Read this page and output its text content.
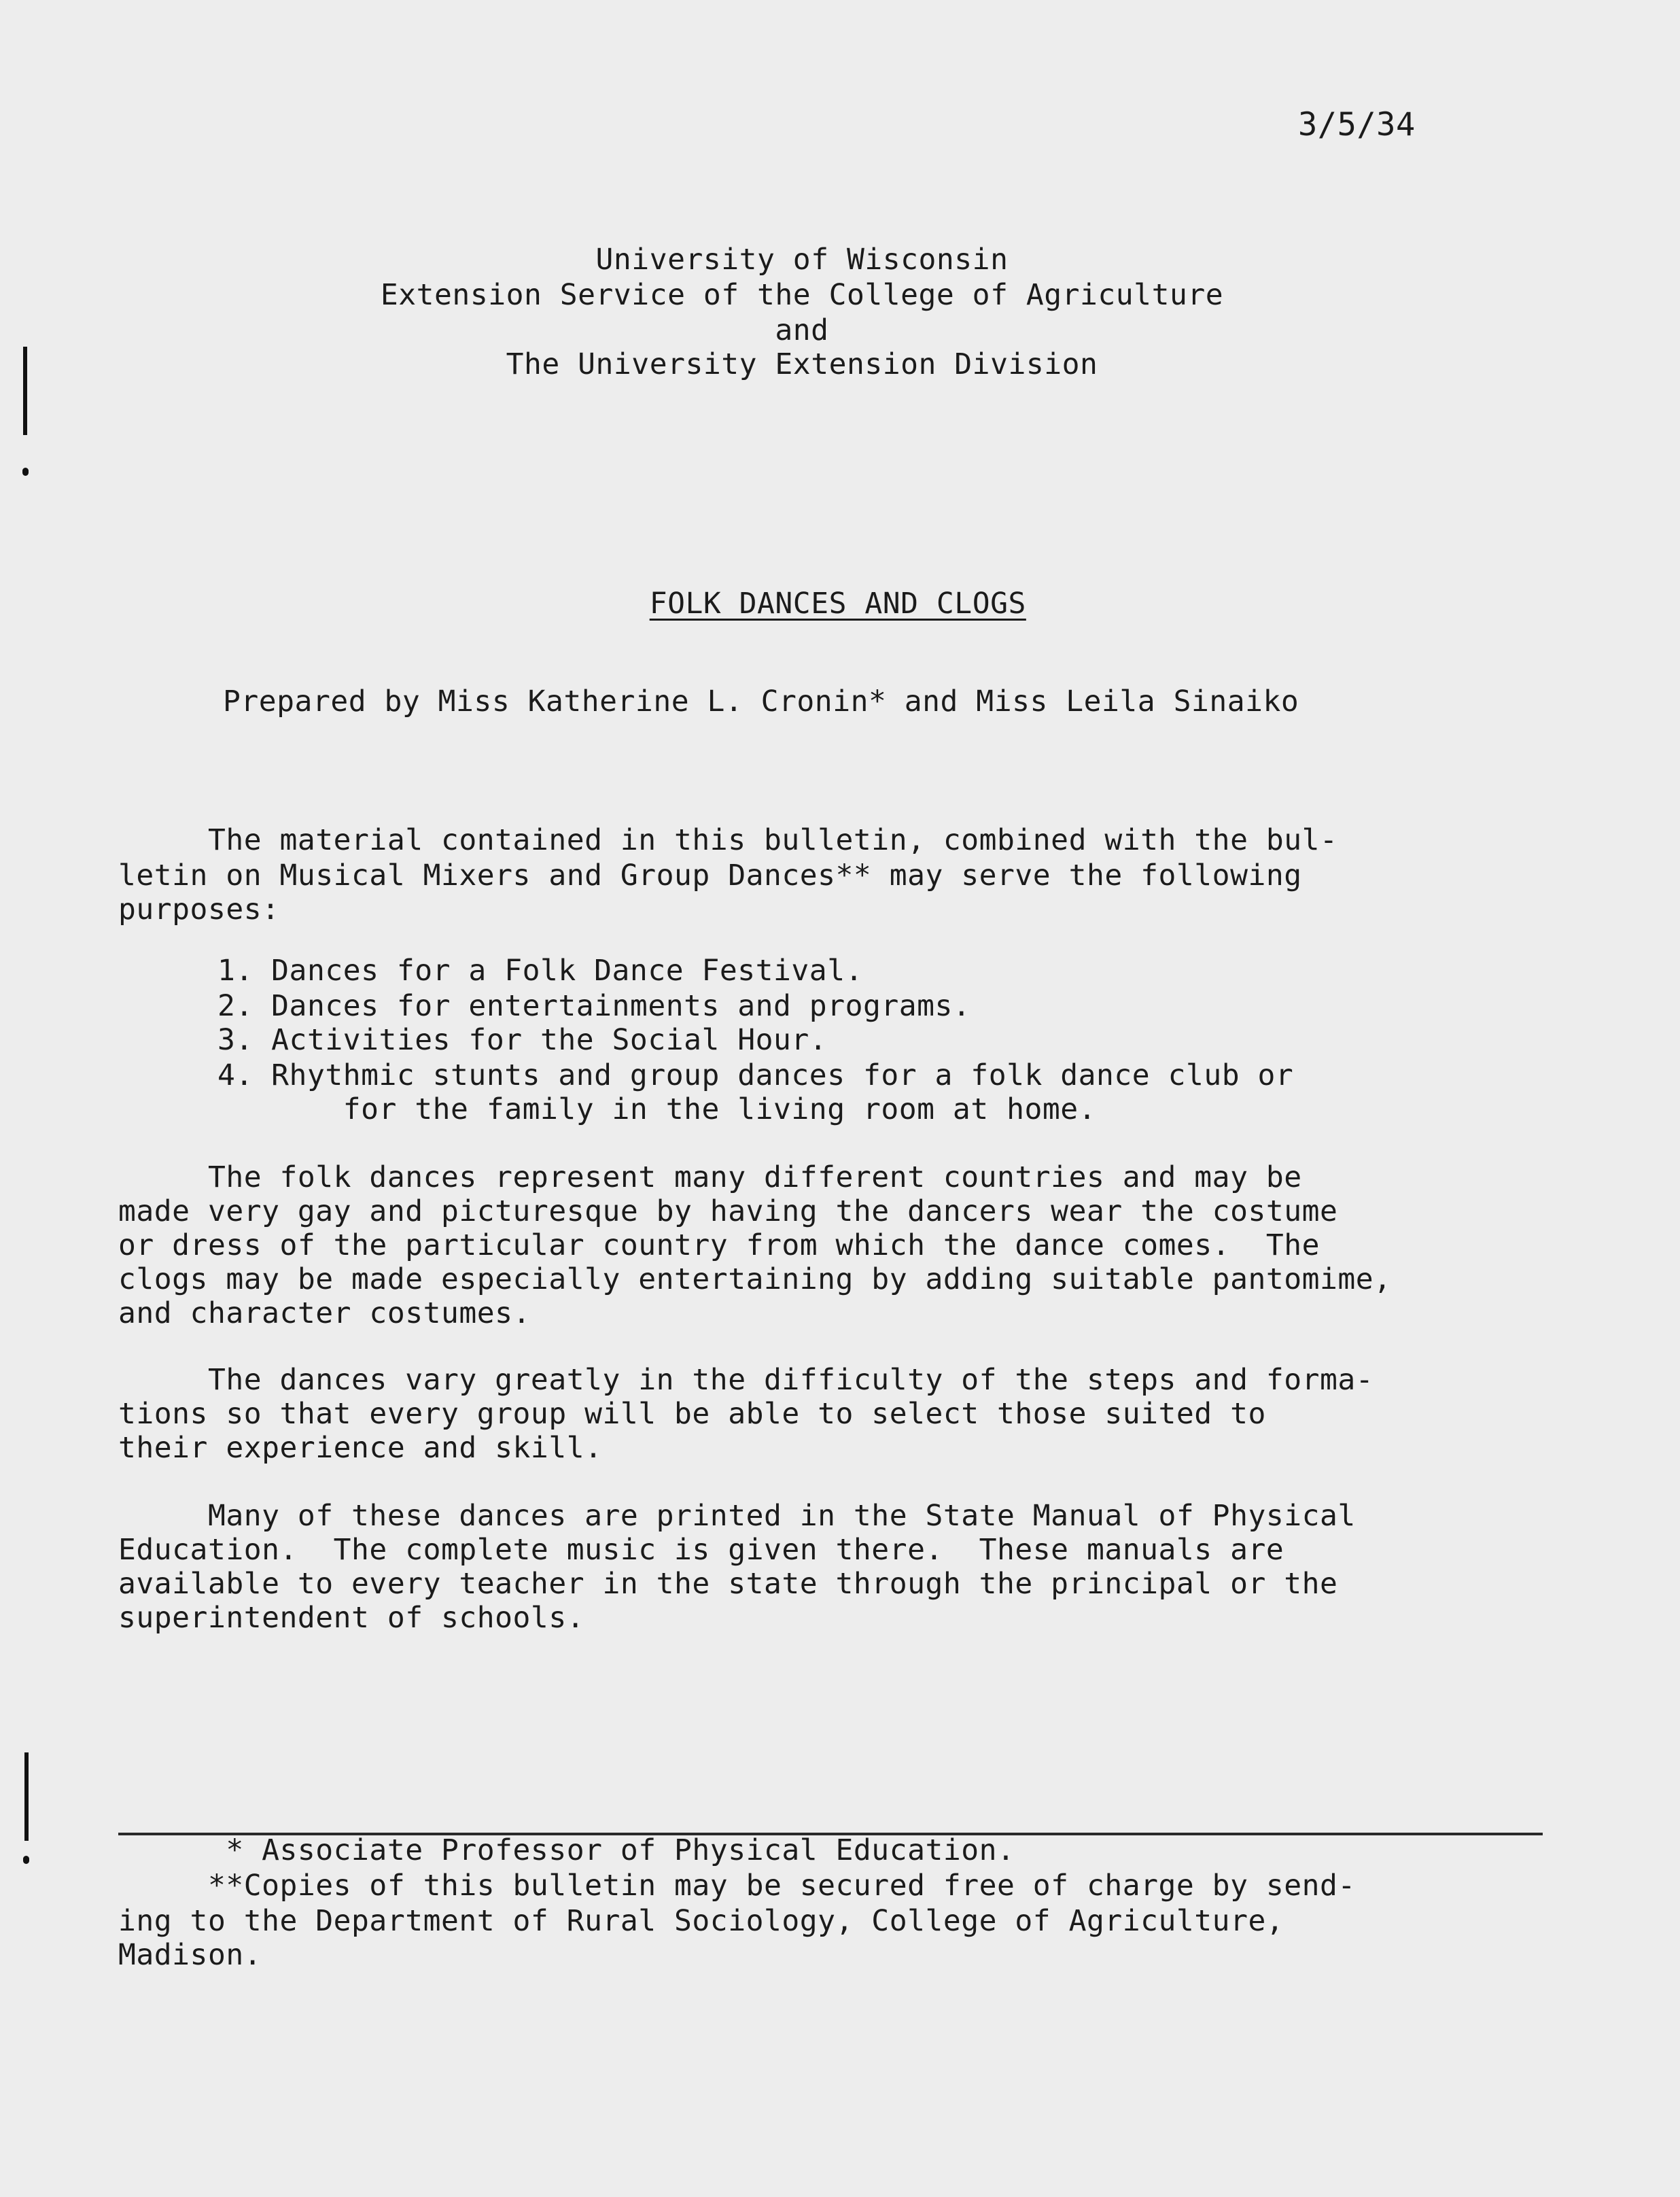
3/5/34
University of Wisconsin
Extension Service of the College of Agriculture
and
The University Extension Division

FOLK DANCES AND CLOGS

Prepared by Miss Katherine L. Cronin* and Miss Leila Sinaiko
The material contained in this bulletin, combined with the bul-
letin on Musical Mixers and Group Dances** may serve the following
purposes:
1. Dances for a Folk Dance Festival.
2. Dances for entertainments and programs.
3. Activities for the Social Hour.
4. Rhythmic stunts and group dances for a folk dance club or
for the family in the living room at home.
The folk dances represent many different countries and may be
made very gay and picturesque by having the dancers wear the costume
or dress of the particular country from which the dance comes.  The
clogs may be made especially entertaining by adding suitable pantomime,
and character costumes.
The dances vary greatly in the difficulty of the steps and forma-
tions so that every group will be able to select those suited to
their experience and skill.
Many of these dances are printed in the State Manual of Physical
Education.  The complete music is given there.  These manuals are
available to every teacher in the state through the principal or the
superintendent of schools.
* Associate Professor of Physical Education.
**Copies of this bulletin may be secured free of charge by send-
ing to the Department of Rural Sociology, College of Agriculture,
Madison.
